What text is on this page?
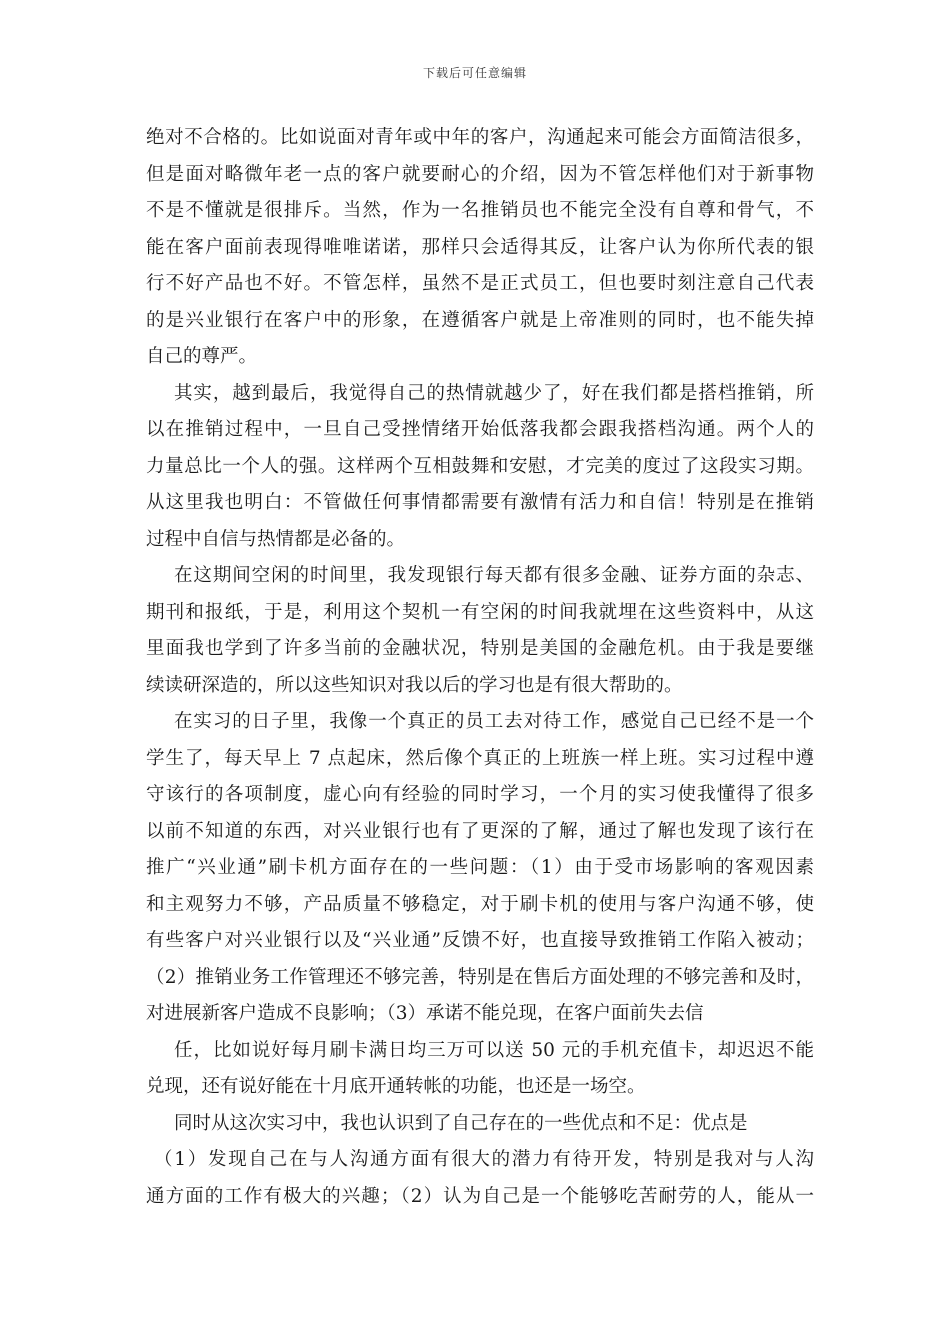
下载后可任意编辑
绝对不合格的。比如说面对青年或中年的客户，沟通起来可能会方面简洁很多，
但是面对略微年老一点的客户就要耐心的介绍，因为不管怎样他们对于新事物
不是不懂就是很排斥。当然，作为一名推销员也不能完全没有自尊和骨气，不
能在客户面前表现得唯唯诺诺，那样只会适得其反，让客户认为你所代表的银
行不好产品也不好。不管怎样，虽然不是正式员工，但也要时刻注意自己代表
的是兴业银行在客户中的形象，在遵循客户就是上帝准则的同时，也不能失掉
自己的尊严。
其实，越到最后，我觉得自己的热情就越少了，好在我们都是搭档推销，所
以在推销过程中，一旦自己受挫情绪开始低落我都会跟我搭档沟通。两个人的
力量总比一个人的强。这样两个互相鼓舞和安慰，才完美的度过了这段实习期。
从这里我也明白：不管做任何事情都需要有激情有活力和自信！特别是在推销
过程中自信与热情都是必备的。
在这期间空闲的时间里，我发现银行每天都有很多金融、证券方面的杂志、
期刊和报纸，于是，利用这个契机一有空闲的时间我就埋在这些资料中，从这
里面我也学到了许多当前的金融状况，特别是美国的金融危机。由于我是要继
续读研深造的，所以这些知识对我以后的学习也是有很大帮助的。
在实习的日子里，我像一个真正的员工去对待工作，感觉自己已经不是一个
学生了，每天早上 7 点起床，然后像个真正的上班族一样上班。实习过程中遵
守该行的各项制度，虚心向有经验的同时学习，一个月的实习使我懂得了很多
以前不知道的东西，对兴业银行也有了更深的了解，通过了解也发现了该行在
推广“兴业通”刷卡机方面存在的一些问题：（1）由于受市场影响的客观因素
和主观努力不够，产品质量不够稳定，对于刷卡机的使用与客户沟通不够，使
有些客户对兴业银行以及“兴业通”反馈不好，也直接导致推销工作陷入被动；
（2）推销业务工作管理还不够完善，特别是在售后方面处理的不够完善和及时，
对进展新客户造成不良影响；（3）承诺不能兑现，在客户面前失去信
任，比如说好每月刷卡满日均三万可以送 50 元的手机充值卡，却迟迟不能
兑现，还有说好能在十月底开通转帐的功能，也还是一场空。
同时从这次实习中，我也认识到了自己存在的一些优点和不足：优点是
（1）发现自己在与人沟通方面有很大的潜力有待开发，特别是我对与人沟
通方面的工作有极大的兴趣；（2）认为自己是一个能够吃苦耐劳的人，能从一
